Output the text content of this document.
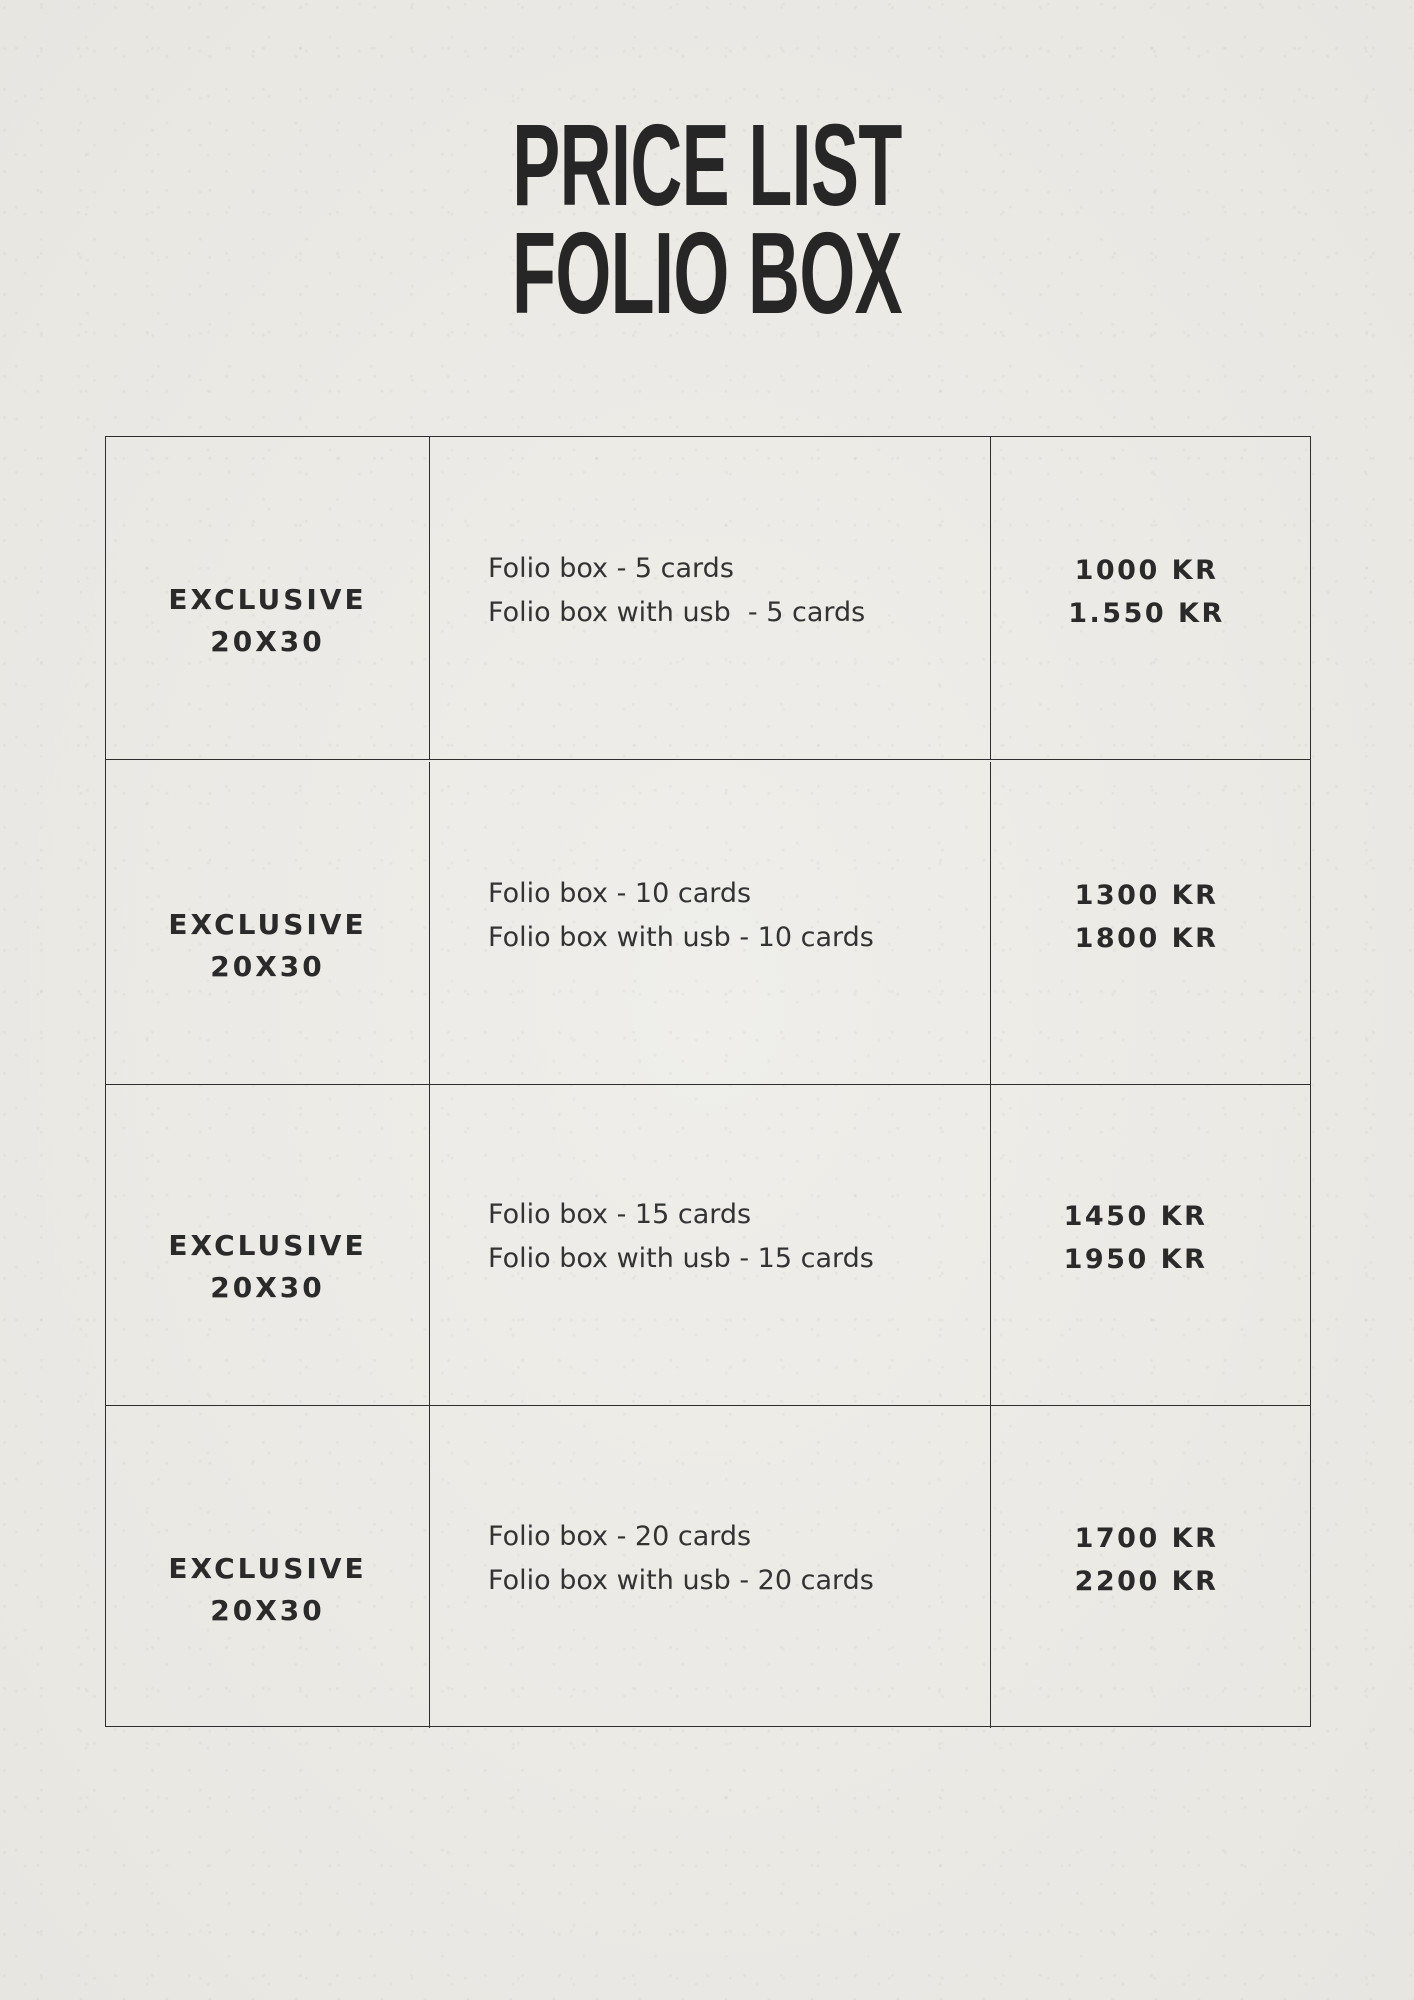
PRICE LIST
FOLIO BOX
EXCLUSIVE
20X30
Folio box - 5 cards
Folio box with usb  - 5 cards
1000 KR
1.550 KR
EXCLUSIVE
20X30
Folio box - 10 cards
Folio box with usb - 10 cards
1300 KR
1800 KR
EXCLUSIVE
20X30
Folio box - 15 cards
Folio box with usb - 15 cards
1450 KR
1950 KR
EXCLUSIVE
20X30
Folio box - 20 cards
Folio box with usb - 20 cards
1700 KR
2200 KR
